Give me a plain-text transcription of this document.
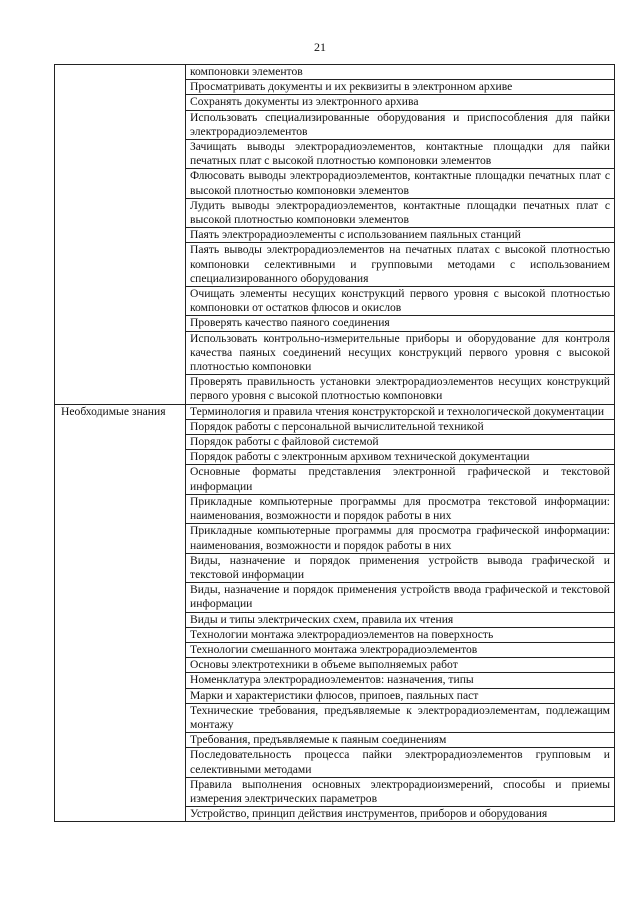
21
	компоновки элементов
	Просматривать документы и их реквизиты в электронном архиве
	Сохранять документы из электронного архива
	Использовать специализированные оборудования и приспособления для пайки электрорадиоэлементов
	Зачищать выводы электрорадиоэлементов, контактные площадки для пайки печатных плат с высокой плотностью компоновки элементов
	Флюсовать выводы электрорадиоэлементов, контактные площадки печатных плат с высокой плотностью компоновки элементов
	Лудить выводы электрорадиоэлементов, контактные площадки печатных плат с высокой плотностью компоновки элементов
	Паять электрорадиоэлементы с использованием паяльных станций
	Паять выводы электрорадиоэлементов на печатных платах с высокой плотностью компоновки селективными и групповыми методами с использованием специализированного оборудования
	Очищать элементы несущих конструкций первого уровня с высокой плотностью компоновки от остатков флюсов и окислов
	Проверять качество паяного соединения
	Использовать контрольно-измерительные приборы и оборудование для контроля качества паяных соединений несущих конструкций первого уровня с высокой плотностью компоновки
	Проверять правильность установки электрорадиоэлементов несущих конструкций первого уровня с высокой плотностью компоновки
Необходимые знания	Терминология и правила чтения конструкторской и технологической документации
	Порядок работы с персональной вычислительной техникой
	Порядок работы с файловой системой
	Порядок работы с электронным архивом технической документации
	Основные форматы представления электронной графической и текстовой информации
	Прикладные компьютерные программы для просмотра текстовой информации: наименования, возможности и порядок работы в них
	Прикладные компьютерные программы для просмотра графической информации: наименования, возможности и порядок работы в них
	Виды, назначение и порядок применения устройств вывода графической и текстовой информации
	Виды, назначение и порядок применения устройств ввода графической и текстовой информации
	Виды и типы электрических схем, правила их чтения
	Технологии монтажа электрорадиоэлементов на поверхность
	Технологии смешанного монтажа электрорадиоэлементов
	Основы электротехники в объеме выполняемых работ
	Номенклатура электрорадиоэлементов: назначения, типы
	Марки и характеристики флюсов, припоев, паяльных паст
	Технические требования, предъявляемые к электрорадиоэлементам, подлежащим монтажу
	Требования, предъявляемые к паяным соединениям
	Последовательность процесса пайки электрорадиоэлементов групповым и селективными методами
	Правила выполнения основных электрорадиоизмерений, способы и приемы измерения электрических параметров
	Устройство, принцип действия инструментов, приборов и оборудования
